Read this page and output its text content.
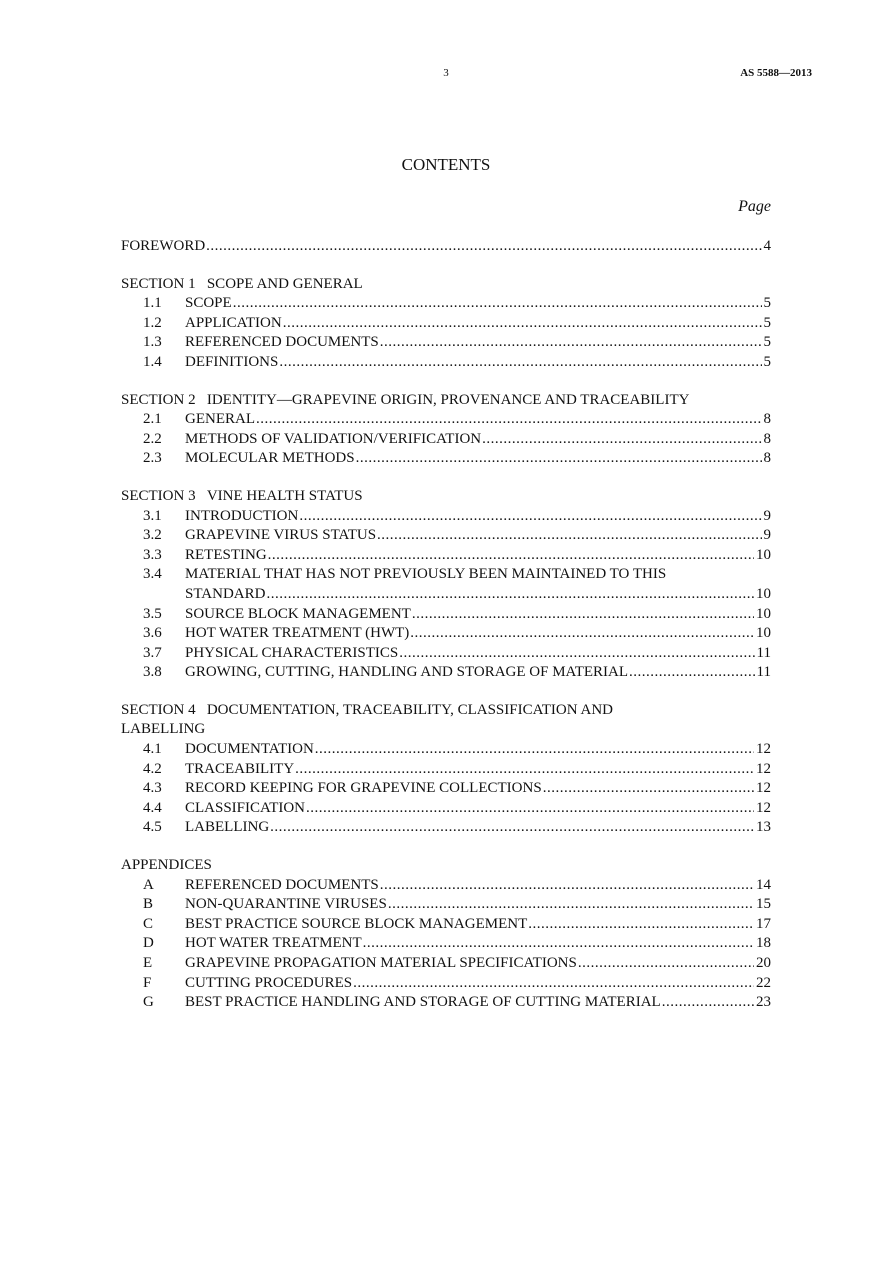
3	AS 5588—2013
CONTENTS
Page
FOREWORD .....	4
SECTION 1 SCOPE AND GENERAL
1.1	SCOPE .....	5
1.2	APPLICATION .....	5
1.3	REFERENCED DOCUMENTS .....	5
1.4	DEFINITIONS .....	5
SECTION 2 IDENTITY—GRAPEVINE ORIGIN, PROVENANCE AND TRACEABILITY
2.1	GENERAL .....	8
2.2	METHODS OF VALIDATION/VERIFICATION .....	8
2.3	MOLECULAR METHODS .....	8
SECTION 3 VINE HEALTH STATUS
3.1	INTRODUCTION .....	9
3.2	GRAPEVINE VIRUS STATUS .....	9
3.3	RETESTING .....	10
3.4	MATERIAL THAT HAS NOT PREVIOUSLY BEEN MAINTAINED TO THIS
STANDARD .....	10
3.5	SOURCE BLOCK MANAGEMENT .....	10
3.6	HOT WATER TREATMENT (HWT) .....	10
3.7	PHYSICAL CHARACTERISTICS .....	11
3.8	GROWING, CUTTING, HANDLING AND STORAGE OF MATERIAL .....	11
SECTION 4 DOCUMENTATION, TRACEABILITY, CLASSIFICATION AND
LABELLING
4.1	DOCUMENTATION .....	12
4.2	TRACEABILITY .....	12
4.3	RECORD KEEPING FOR GRAPEVINE COLLECTIONS .....	12
4.4	CLASSIFICATION .....	12
4.5	LABELLING .....	13
APPENDICES
A	REFERENCED DOCUMENTS .....	14
B	NON-QUARANTINE VIRUSES .....	15
C	BEST PRACTICE SOURCE BLOCK MANAGEMENT .....	17
D	HOT WATER TREATMENT .....	18
E	GRAPEVINE PROPAGATION MATERIAL SPECIFICATIONS .....	20
F	CUTTING PROCEDURES .....	22
G	BEST PRACTICE HANDLING AND STORAGE OF CUTTING MATERIAL .....	23
